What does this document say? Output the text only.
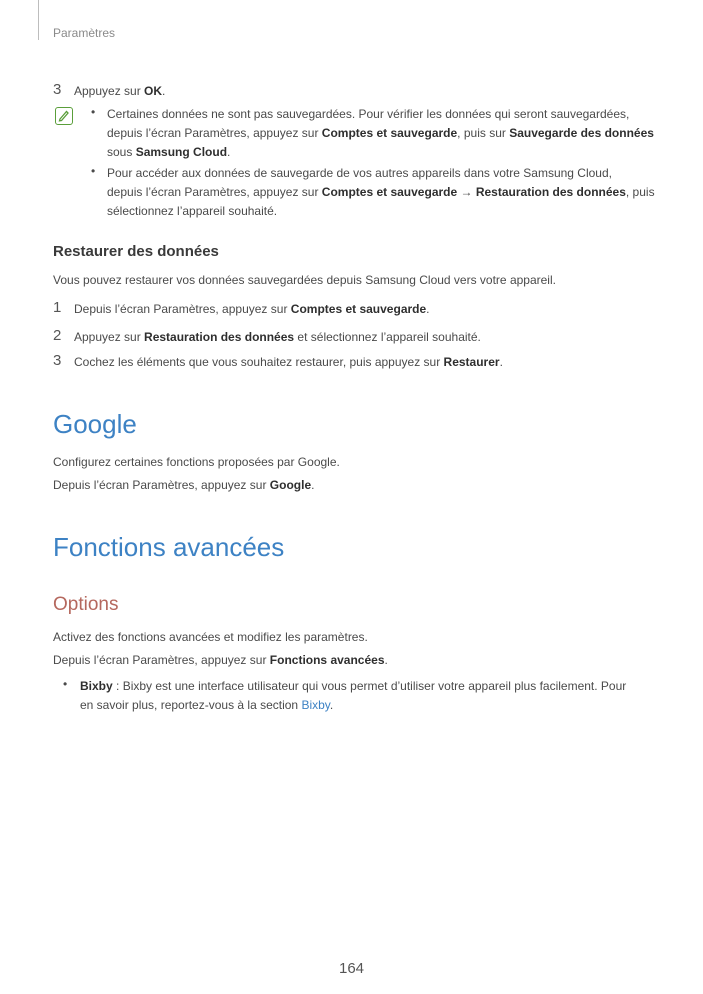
Paramètres
3 Appuyez sur OK.
• Certaines données ne sont pas sauvegardées. Pour vérifier les données qui seront sauvegardées,
depuis l’écran Paramètres, appuyez sur Comptes et sauvegarde, puis sur Sauvegarde des données
sous Samsung Cloud.
• Pour accéder aux données de sauvegarde de vos autres appareils dans votre Samsung Cloud,
depuis l’écran Paramètres, appuyez sur Comptes et sauvegarde → Restauration des données, puis
sélectionnez l’appareil souhaité.
Restaurer des données
Vous pouvez restaurer vos données sauvegardées depuis Samsung Cloud vers votre appareil.
1 Depuis l’écran Paramètres, appuyez sur Comptes et sauvegarde.
2 Appuyez sur Restauration des données et sélectionnez l’appareil souhaité.
3 Cochez les éléments que vous souhaitez restaurer, puis appuyez sur Restaurer.
Google
Configurez certaines fonctions proposées par Google.
Depuis l’écran Paramètres, appuyez sur Google.
Fonctions avancées
Options
Activez des fonctions avancées et modifiez les paramètres.
Depuis l’écran Paramètres, appuyez sur Fonctions avancées.
• Bixby : Bixby est une interface utilisateur qui vous permet d’utiliser votre appareil plus facilement. Pour
en savoir plus, reportez-vous à la section Bixby.
164
